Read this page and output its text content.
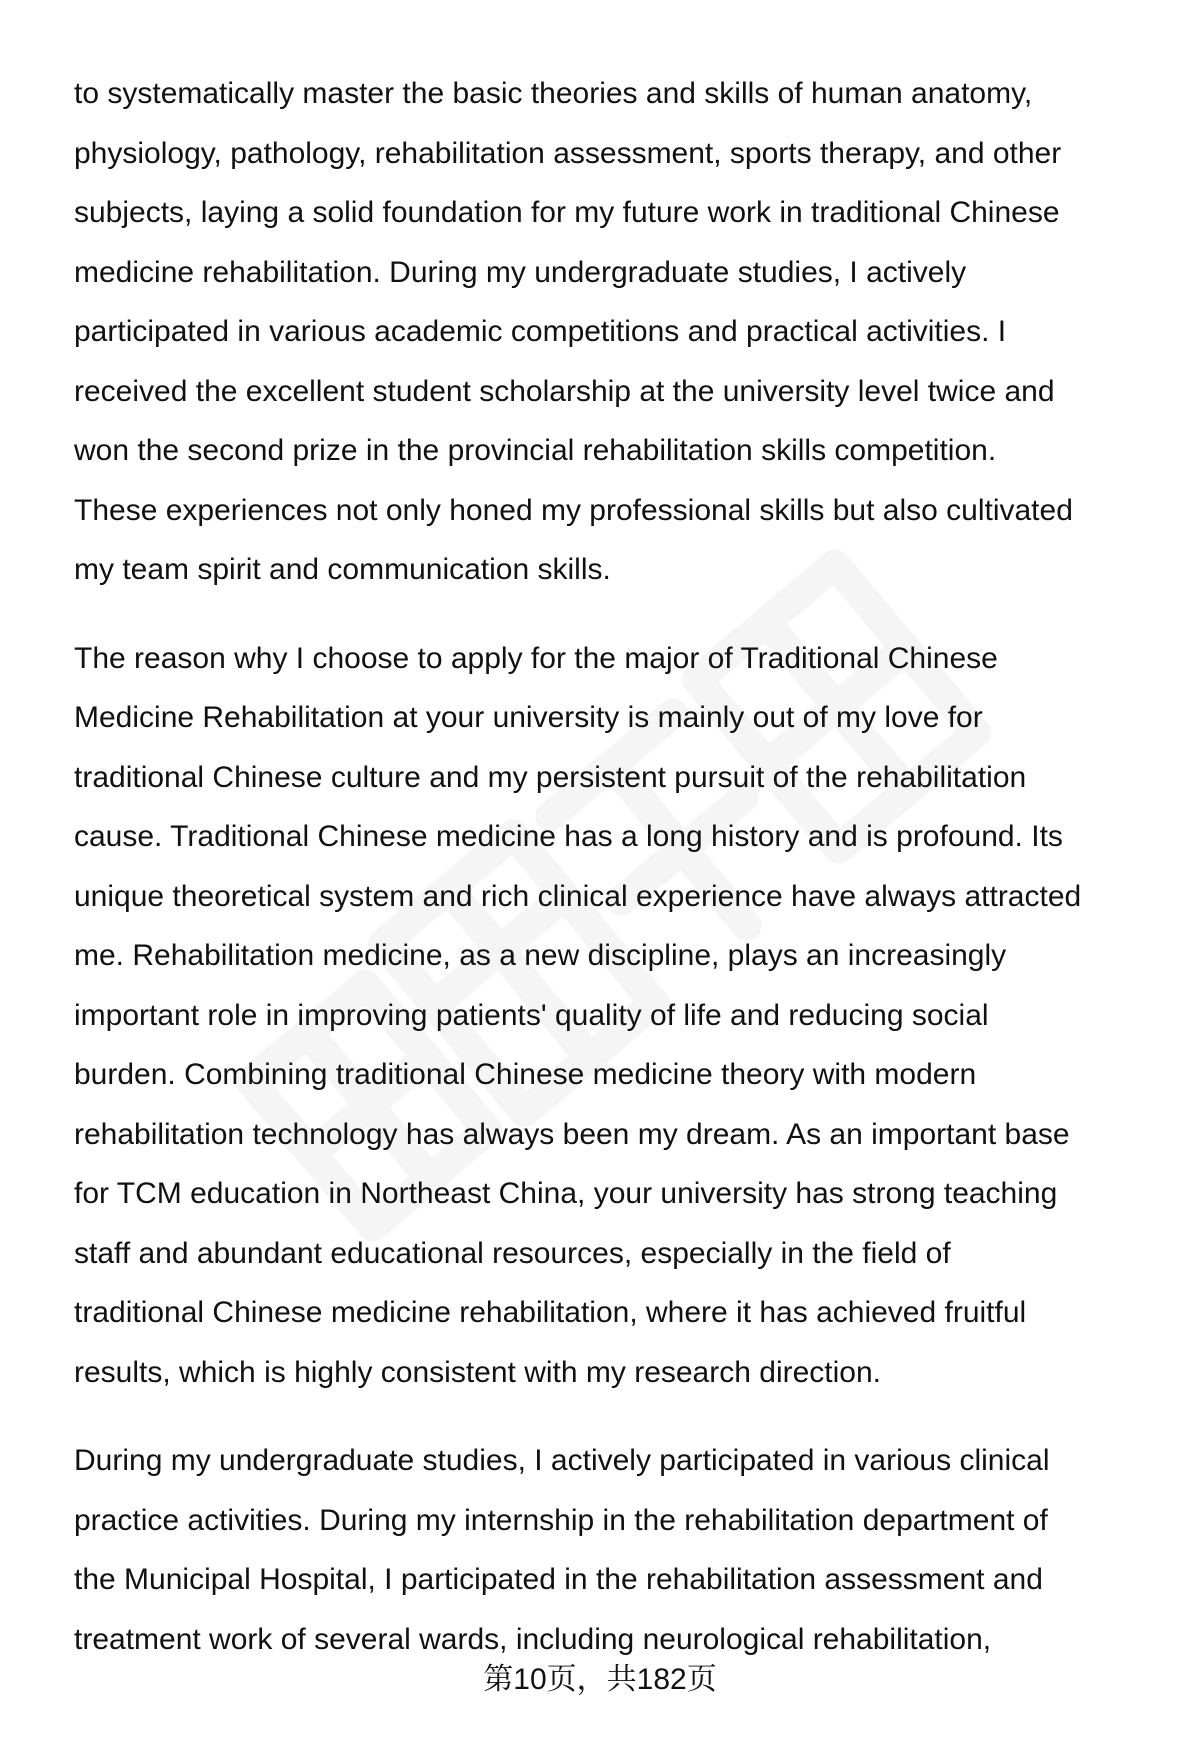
to systematically master the basic theories and skills of human anatomy,
physiology, pathology, rehabilitation assessment, sports therapy, and other
subjects, laying a solid foundation for my future work in traditional Chinese
medicine rehabilitation. During my undergraduate studies, I actively
participated in various academic competitions and practical activities. I
received the excellent student scholarship at the university level twice and
won the second prize in the provincial rehabilitation skills competition.
These experiences not only honed my professional skills but also cultivated
my team spirit and communication skills.

The reason why I choose to apply for the major of Traditional Chinese
Medicine Rehabilitation at your university is mainly out of my love for
traditional Chinese culture and my persistent pursuit of the rehabilitation
cause. Traditional Chinese medicine has a long history and is profound. Its
unique theoretical system and rich clinical experience have always attracted
me. Rehabilitation medicine, as a new discipline, plays an increasingly
important role in improving patients' quality of life and reducing social
burden. Combining traditional Chinese medicine theory with modern
rehabilitation technology has always been my dream. As an important base
for TCM education in Northeast China, your university has strong teaching
staff and abundant educational resources, especially in the field of
traditional Chinese medicine rehabilitation, where it has achieved fruitful
results, which is highly consistent with my research direction.

During my undergraduate studies, I actively participated in various clinical
practice activities. During my internship in the rehabilitation department of
the Municipal Hospital, I participated in the rehabilitation assessment and
treatment work of several wards, including neurological rehabilitation,

第10页，共182页
